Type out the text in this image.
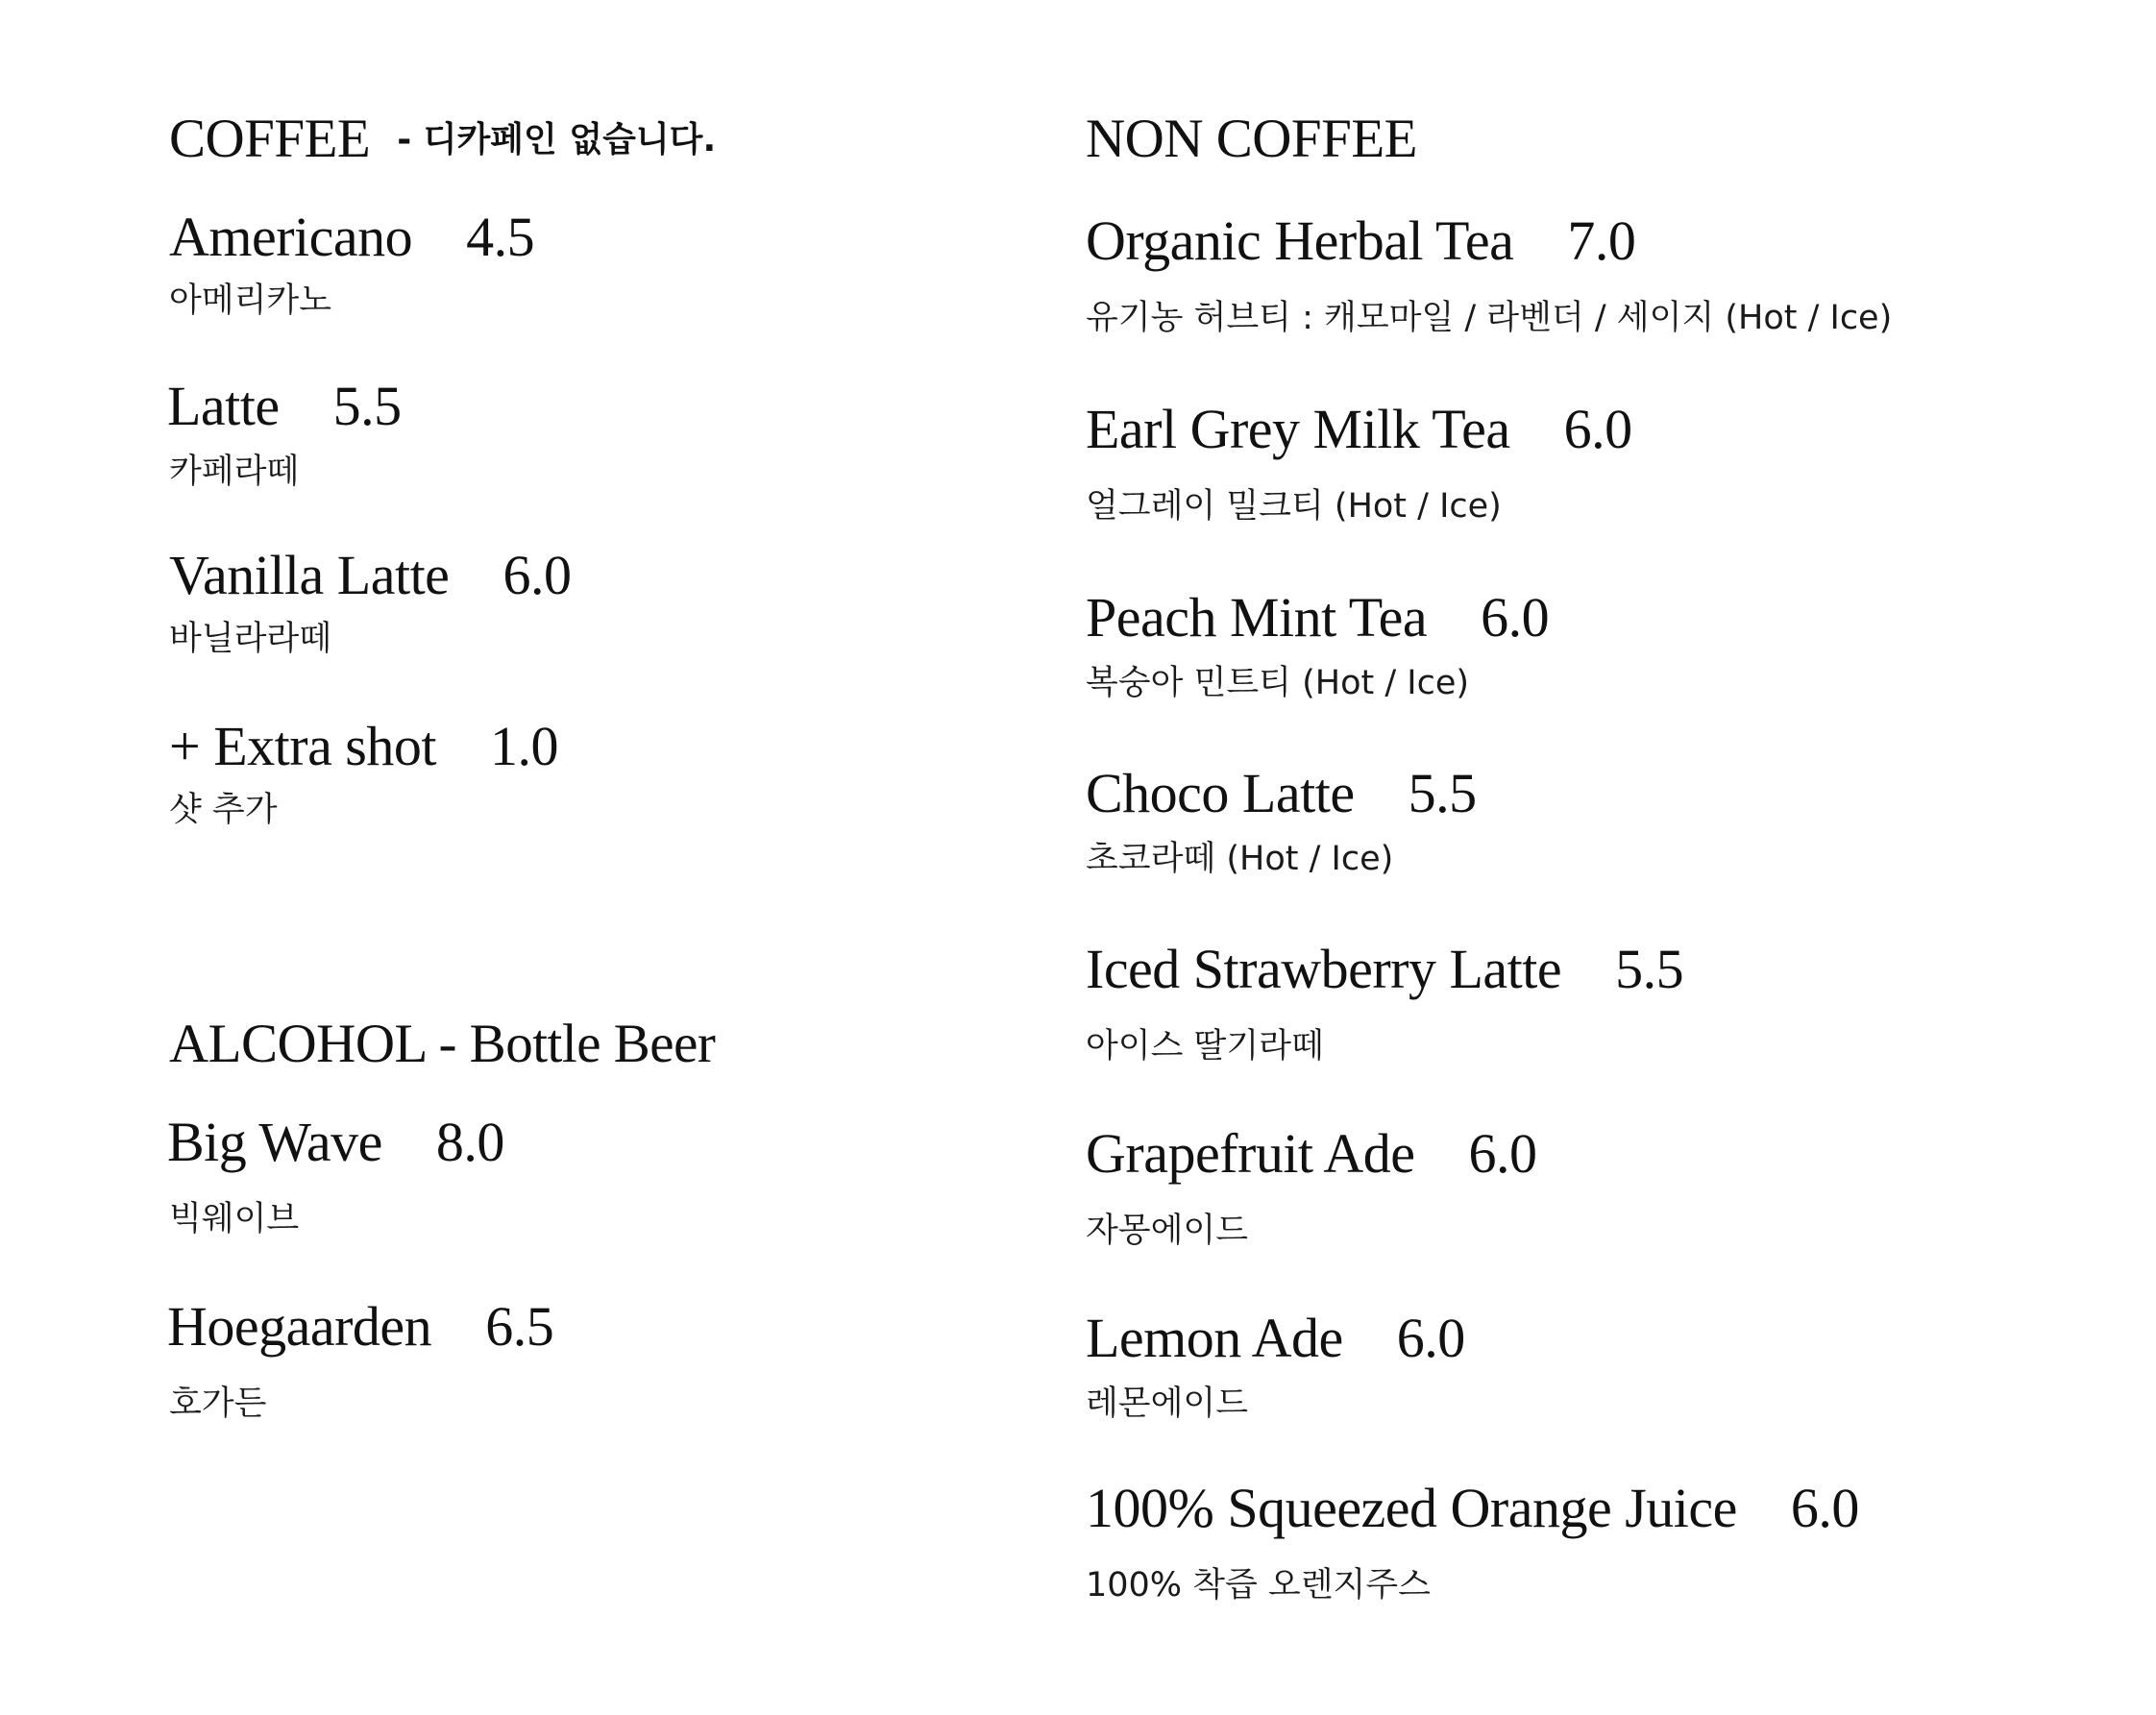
COFFEE - 디카페인 없습니다.
Americano 4.5
아메리카노
Latte 5.5
카페라떼
Vanilla Latte 6.0
바닐라라떼
+ Extra shot 1.0
샷 추가
ALCOHOL - Bottle Beer
Big Wave 8.0
빅웨이브
Hoegaarden 6.5
호가든
NON COFFEE
Organic Herbal Tea 7.0
유기농 허브티 : 캐모마일 / 라벤더 / 세이지 (Hot / Ice)
Earl Grey Milk Tea 6.0
얼그레이 밀크티 (Hot / Ice)
Peach Mint Tea 6.0
복숭아 민트티 (Hot / Ice)
Choco Latte 5.5
초코라떼 (Hot / Ice)
Iced Strawberry Latte 5.5
아이스 딸기라떼
Grapefruit Ade 6.0
자몽에이드
Lemon Ade 6.0
레몬에이드
100% Squeezed Orange Juice 6.0
100% 착즙 오렌지주스
